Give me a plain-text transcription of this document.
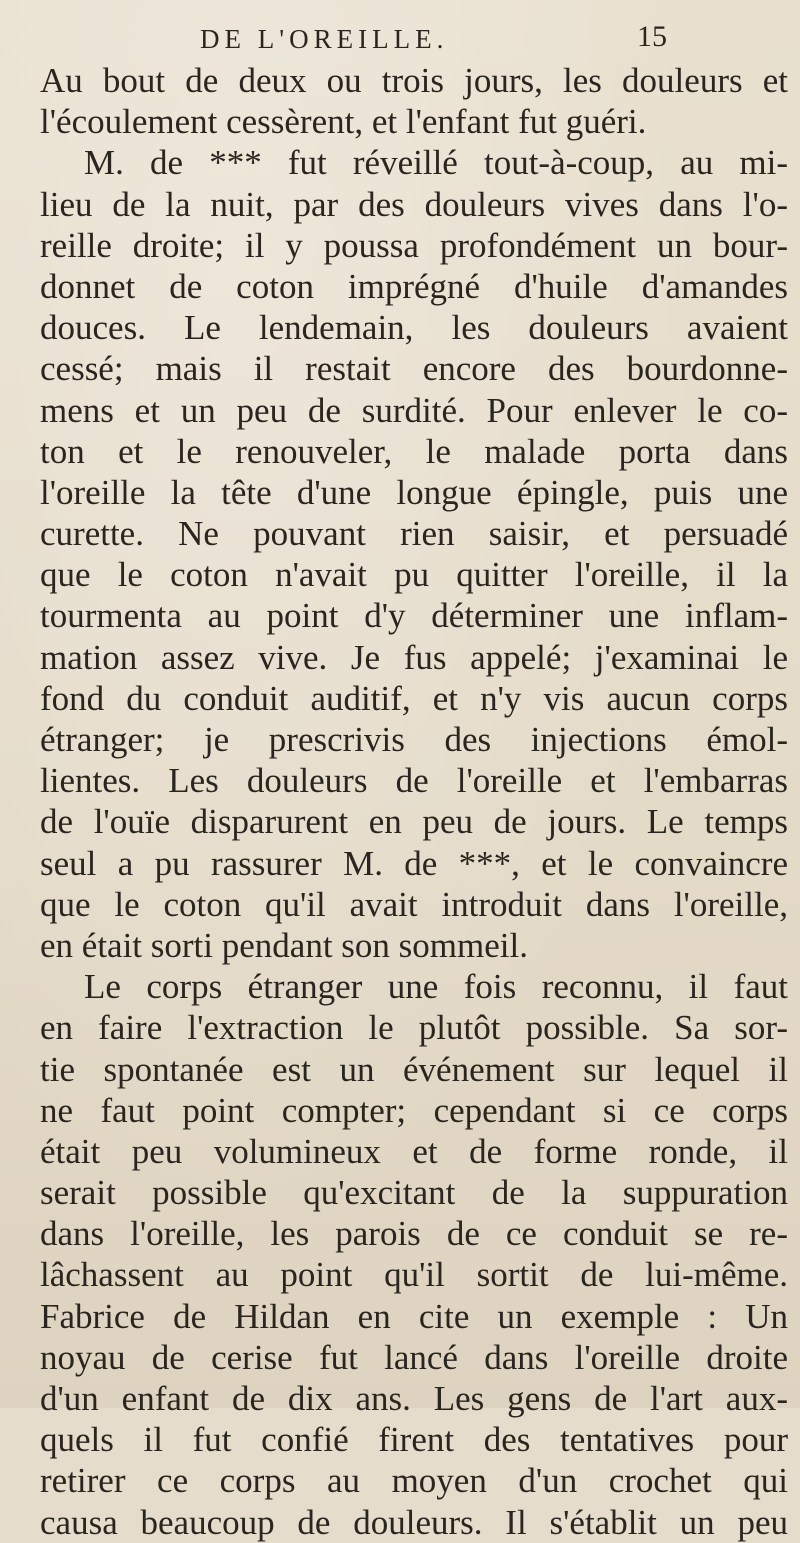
DE L'OREILLE.	15
Au bout de deux ou trois jours, les douleurs et
l'écoulement cessèrent, et l'enfant fut guéri.
M. de *** fut réveillé tout-à-coup, au mi-
lieu de la nuit, par des douleurs vives dans l'o-
reille droite; il y poussa profondément un bour-
donnet de coton imprégné d'huile d'amandes
douces. Le lendemain, les douleurs avaient
cessé; mais il restait encore des bourdonne-
mens et un peu de surdité. Pour enlever le co-
ton et le renouveler, le malade porta dans
l'oreille la tête d'une longue épingle, puis une
curette. Ne pouvant rien saisir, et persuadé
que le coton n'avait pu quitter l'oreille, il la
tourmenta au point d'y déterminer une inflam-
mation assez vive. Je fus appelé; j'examinai le
fond du conduit auditif, et n'y vis aucun corps
étranger; je prescrivis des injections émol-
lientes. Les douleurs de l'oreille et l'embarras
de l'ouïe disparurent en peu de jours. Le temps
seul a pu rassurer M. de ***, et le convaincre
que le coton qu'il avait introduit dans l'oreille,
en était sorti pendant son sommeil.
Le corps étranger une fois reconnu, il faut
en faire l'extraction le plutôt possible. Sa sor-
tie spontanée est un événement sur lequel il
ne faut point compter; cependant si ce corps
était peu volumineux et de forme ronde, il
serait possible qu'excitant de la suppuration
dans l'oreille, les parois de ce conduit se re-
lâchassent au point qu'il sortit de lui-même.
Fabrice de Hildan en cite un exemple : Un
noyau de cerise fut lancé dans l'oreille droite
d'un enfant de dix ans. Les gens de l'art aux-
quels il fut confié firent des tentatives pour
retirer ce corps au moyen d'un crochet qui
causa beaucoup de douleurs. Il s'établit un peu
